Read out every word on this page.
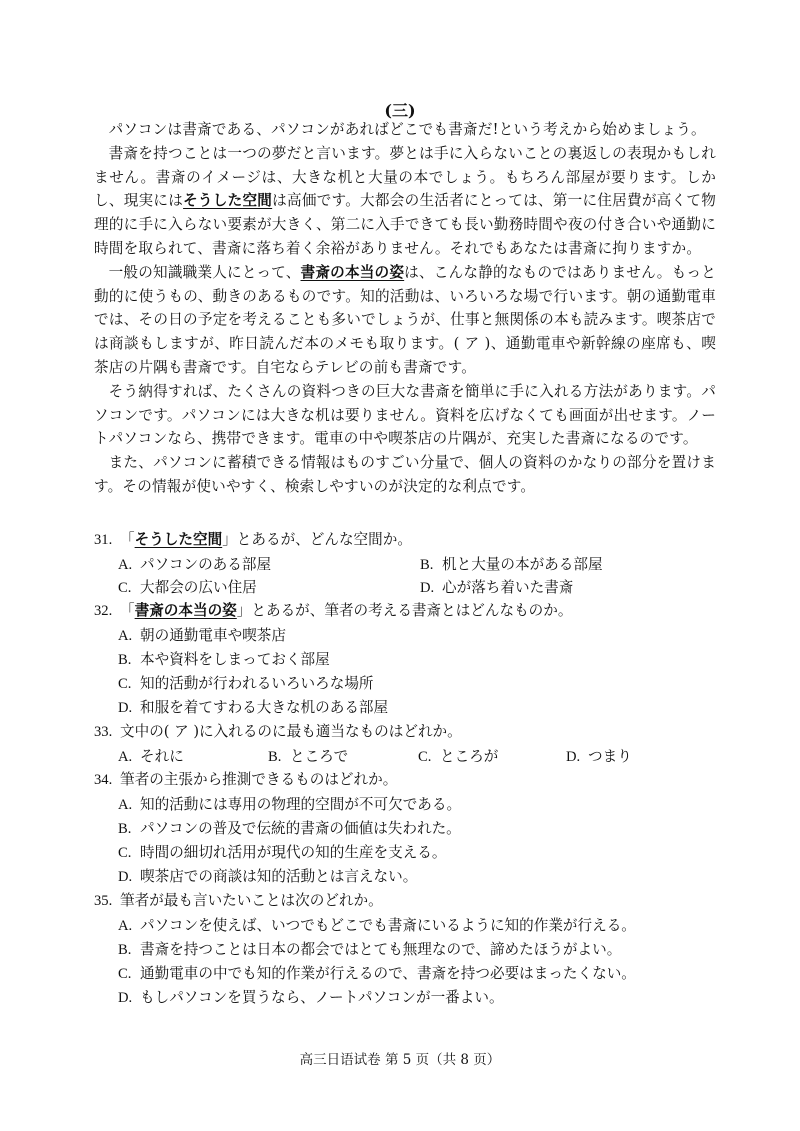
(三)

パソコンは書斎である、パソコンがあればどこでも書斎だ!という考えから始めましょう。

書斎を持つことは一つの夢だと言います。夢とは手に入らないことの裏返しの表現かもしれません。書斎のイメージは、大きな机と大量の本でしょう。もちろん部屋が要ります。しかし、現実にはそうした空間は高価です。大都会の生活者にとっては、第一に住居費が高くて物理的に手に入らない要素が大きく、第二に入手できても長い勤務時間や夜の付き合いや通勤に時間を取られて、書斎に落ち着く余裕がありません。それでもあなたは書斎に拘りますか。

一般の知識職業人にとって、書斎の本当の姿は、こんな静的なものではありません。もっと動的に使うもの、動きのあるものです。知的活動は、いろいろな場で行います。朝の通勤電車では、その日の予定を考えることも多いでしょうが、仕事と無関係の本も読みます。喫茶店では商談もしますが、昨日読んだ本のメモも取ります。( ア )、通勤電車や新幹線の座席も、喫茶店の片隅も書斎です。自宅ならテレビの前も書斎です。

そう納得すれば、たくさんの資料つきの巨大な書斎を簡単に手に入れる方法があります。パソコンです。パソコンには大きな机は要りません。資料を広げなくても画面が出せます。ノートパソコンなら、携帯できます。電車の中や喫茶店の片隅が、充実した書斎になるのです。

また、パソコンに蓄積できる情報はものすごい分量で、個人の資料のかなりの部分を置けます。その情報が使いやすく、検索しやすいのが決定的な利点です。

31. 「そうした空間」とあるが、どんな空間か。
A. パソコンのある部屋	B. 机と大量の本がある部屋
C. 大都会の広い住居	D. 心が落ち着いた書斎
32. 「書斎の本当の姿」とあるが、筆者の考える書斎とはどんなものか。
A. 朝の通勤電車や喫茶店
B. 本や資料をしまっておく部屋
C. 知的活動が行われるいろいろな場所
D. 和服を着てすわる大きな机のある部屋
33. 文中の( ア )に入れるのに最も適当なものはどれか。
A. それに	B. ところで	C. ところが	D. つまり
34. 筆者の主張から推測できるものはどれか。
A. 知的活動には専用の物理的空間が不可欠である。
B. パソコンの普及で伝統的書斎の価値は失われた。
C. 時間の細切れ活用が現代の知的生産を支える。
D. 喫茶店での商談は知的活動とは言えない。
35. 筆者が最も言いたいことは次のどれか。
A. パソコンを使えば、いつでもどこでも書斎にいるように知的作業が行える。
B. 書斎を持つことは日本の都会ではとても無理なので、諦めたほうがよい。
C. 通勤電車の中でも知的作業が行えるので、書斎を持つ必要はまったくない。
D. もしパソコンを買うなら、ノートパソコンが一番よい。
高三日语试卷 第 5 页（共 8 页）
